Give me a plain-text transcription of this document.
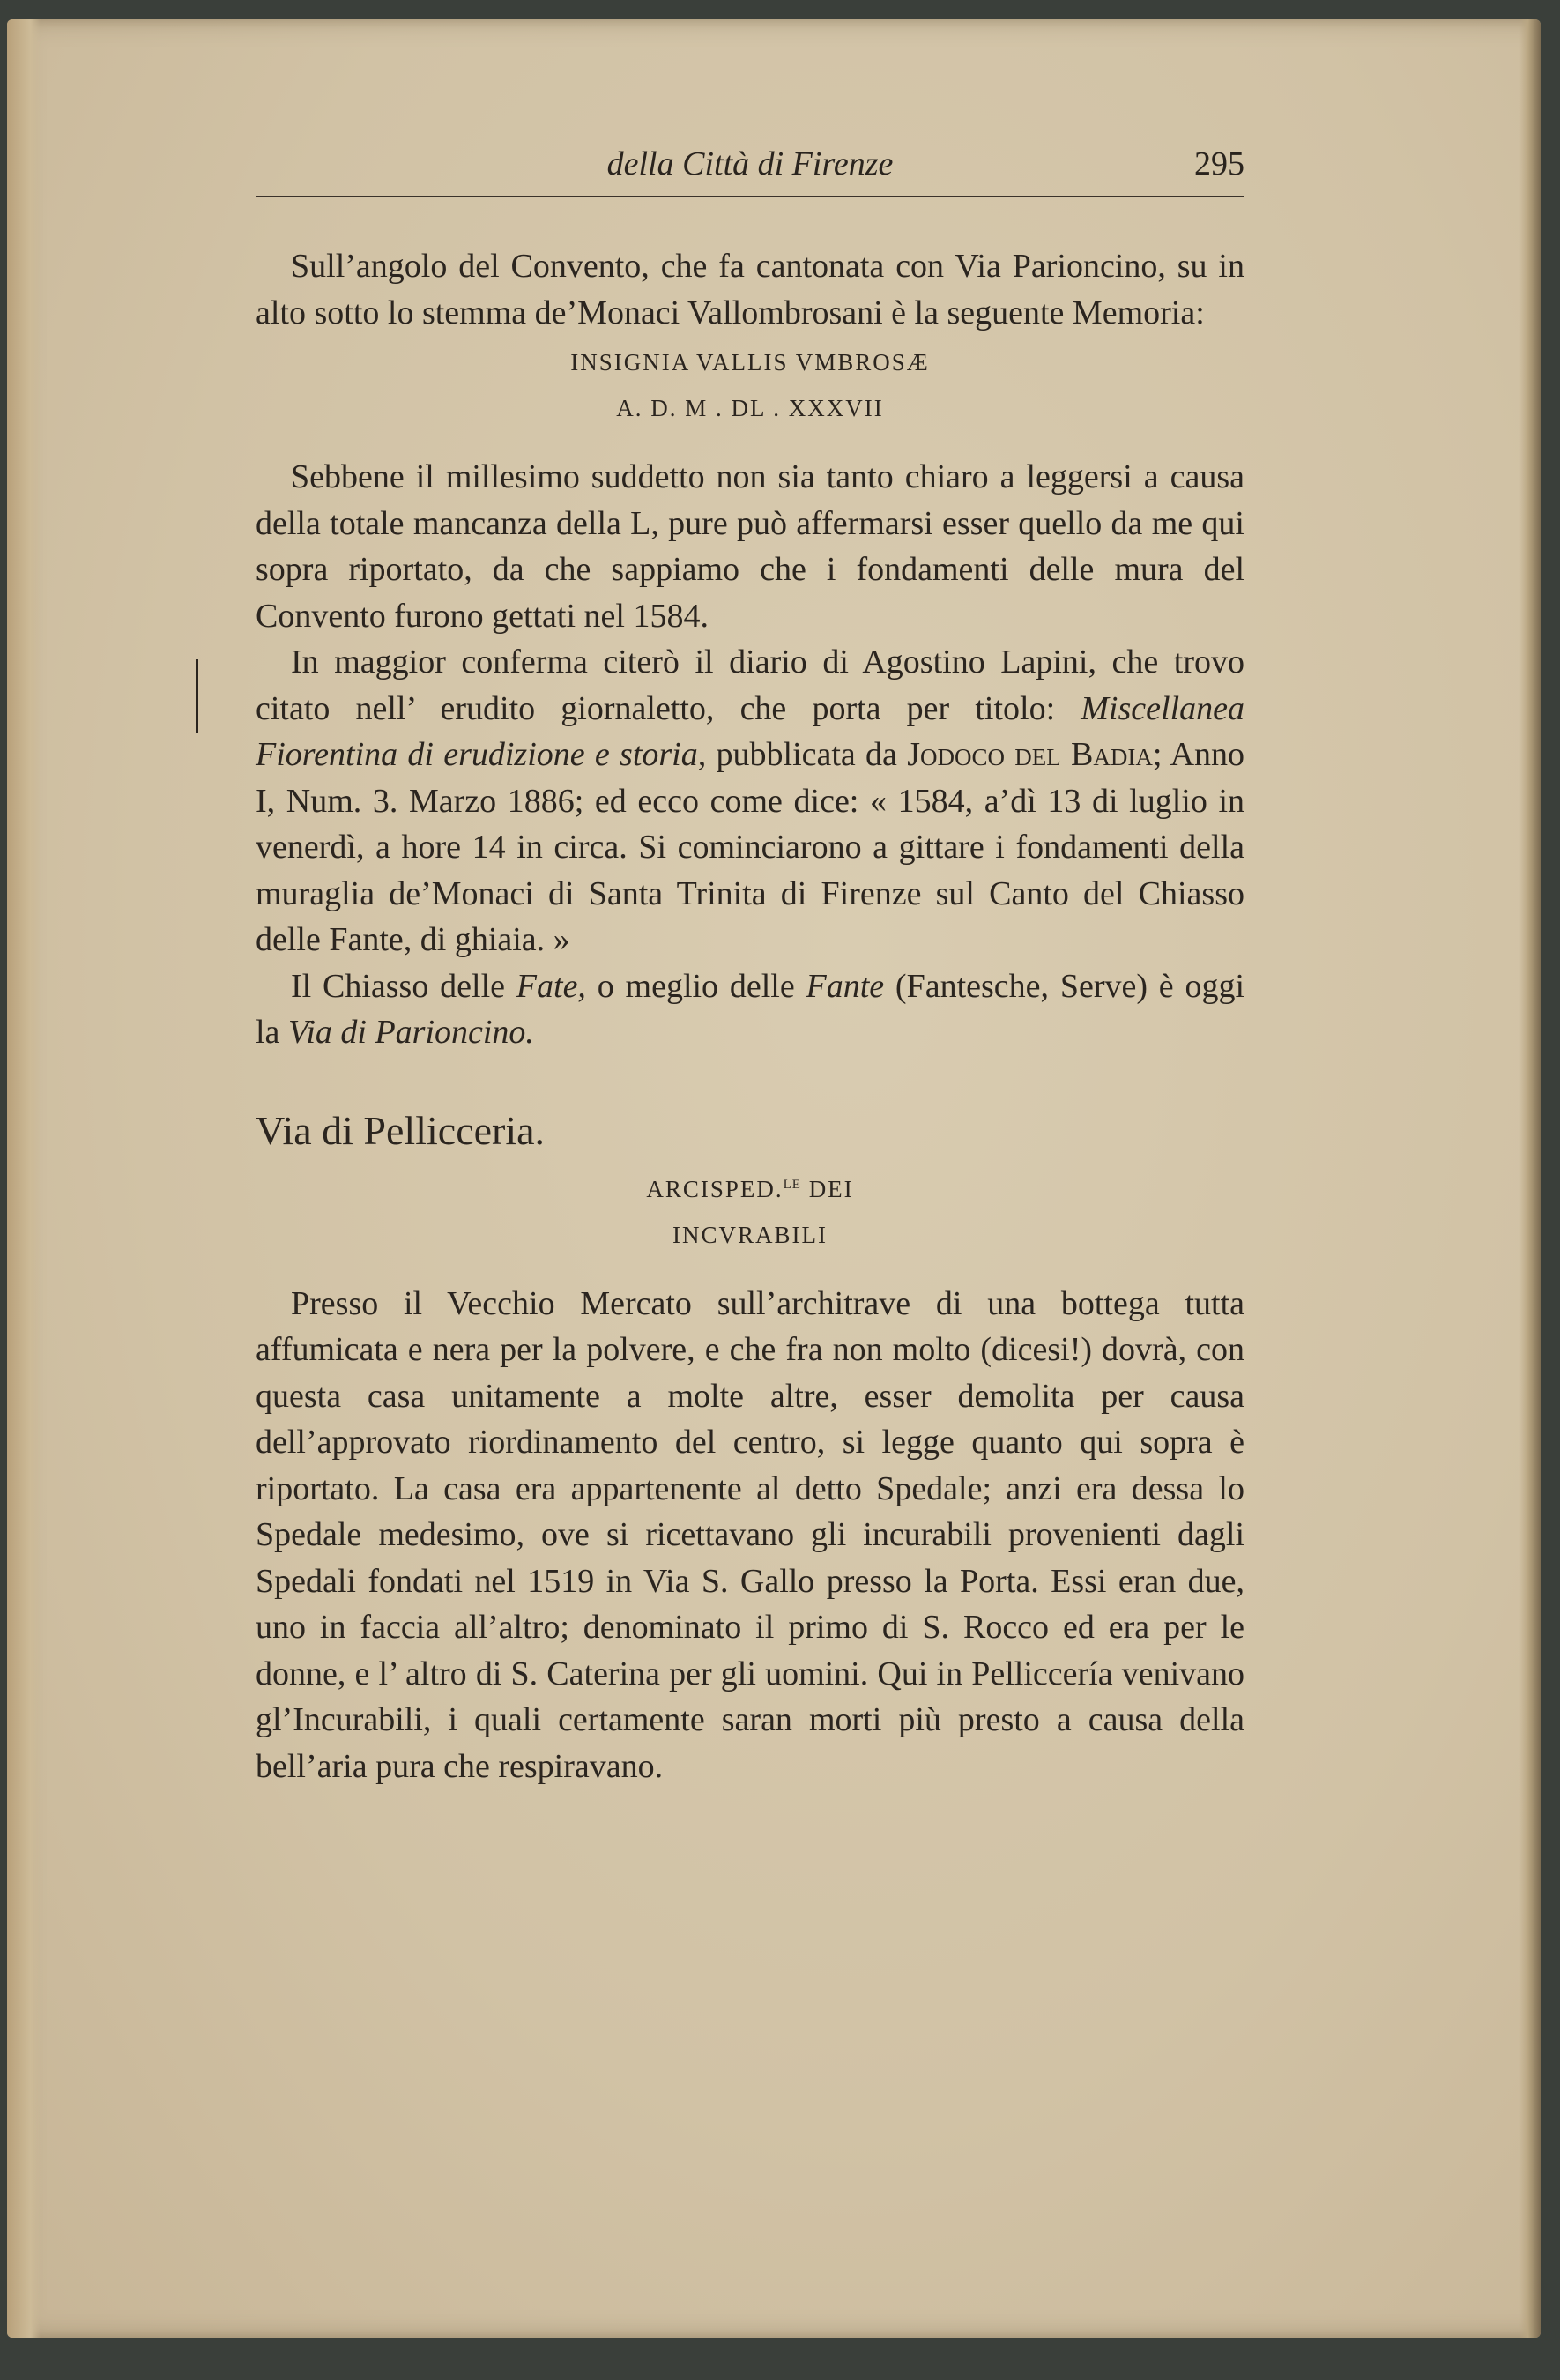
della Città di Firenze	295

Sull’angolo del Convento, che fa cantonata con Via Parioncino, su in alto sotto lo stemma de’Monaci Vallombrosani è la seguente Memoria:

INSIGNIA VALLIS VMBROSÆ
A. D. M . DL . XXXVII

Sebbene il millesimo suddetto non sia tanto chiaro a leggersi a causa della totale mancanza della L, pure può affermarsi esser quello da me qui sopra riportato, da che sappiamo che i fondamenti delle mura del Convento furono gettati nel 1584.

In maggior conferma citerò il diario di Agostino Lapini, che trovo citato nell’ erudito giornaletto, che porta per titolo: Miscellanea Fiorentina di erudizione e storia, pubblicata da Jodoco del Badia; Anno I, Num. 3. Marzo 1886; ed ecco come dice: « 1584, a’dì 13 di luglio in venerdì, a hore 14 in circa. Si cominciarono a gittare i fondamenti della muraglia de’Monaci di Santa Trinita di Firenze sul Canto del Chiasso delle Fante, di ghiaia. »

Il Chiasso delle Fate, o meglio delle Fante (Fantesche, Serve) è oggi la Via di Parioncino.

Via di Pellicceria.
ARCISPED.$^{LE}$ DEI
INCVRABILI

Presso il Vecchio Mercato sull’architrave di una bottega tutta affumicata e nera per la polvere, e che fra non molto (dicesi!) dovrà, con questa casa unitamente a molte altre, esser demolita per causa dell’approvato riordinamento del centro, si legge quanto qui sopra è riportato. La casa era appartenente al detto Spedale; anzi era dessa lo Spedale medesimo, ove si ricettavano gli incurabili provenienti dagli Spedali fondati nel 1519 in Via S. Gallo presso la Porta. Essi eran due, uno in faccia all’altro; denominato il primo di S. Rocco ed era per le donne, e l’ altro di S. Caterina per gli uomini. Qui in Pelliccería venivano gl’Incurabili, i quali certamente saran morti più presto a causa della bell’aria pura che respiravano.
